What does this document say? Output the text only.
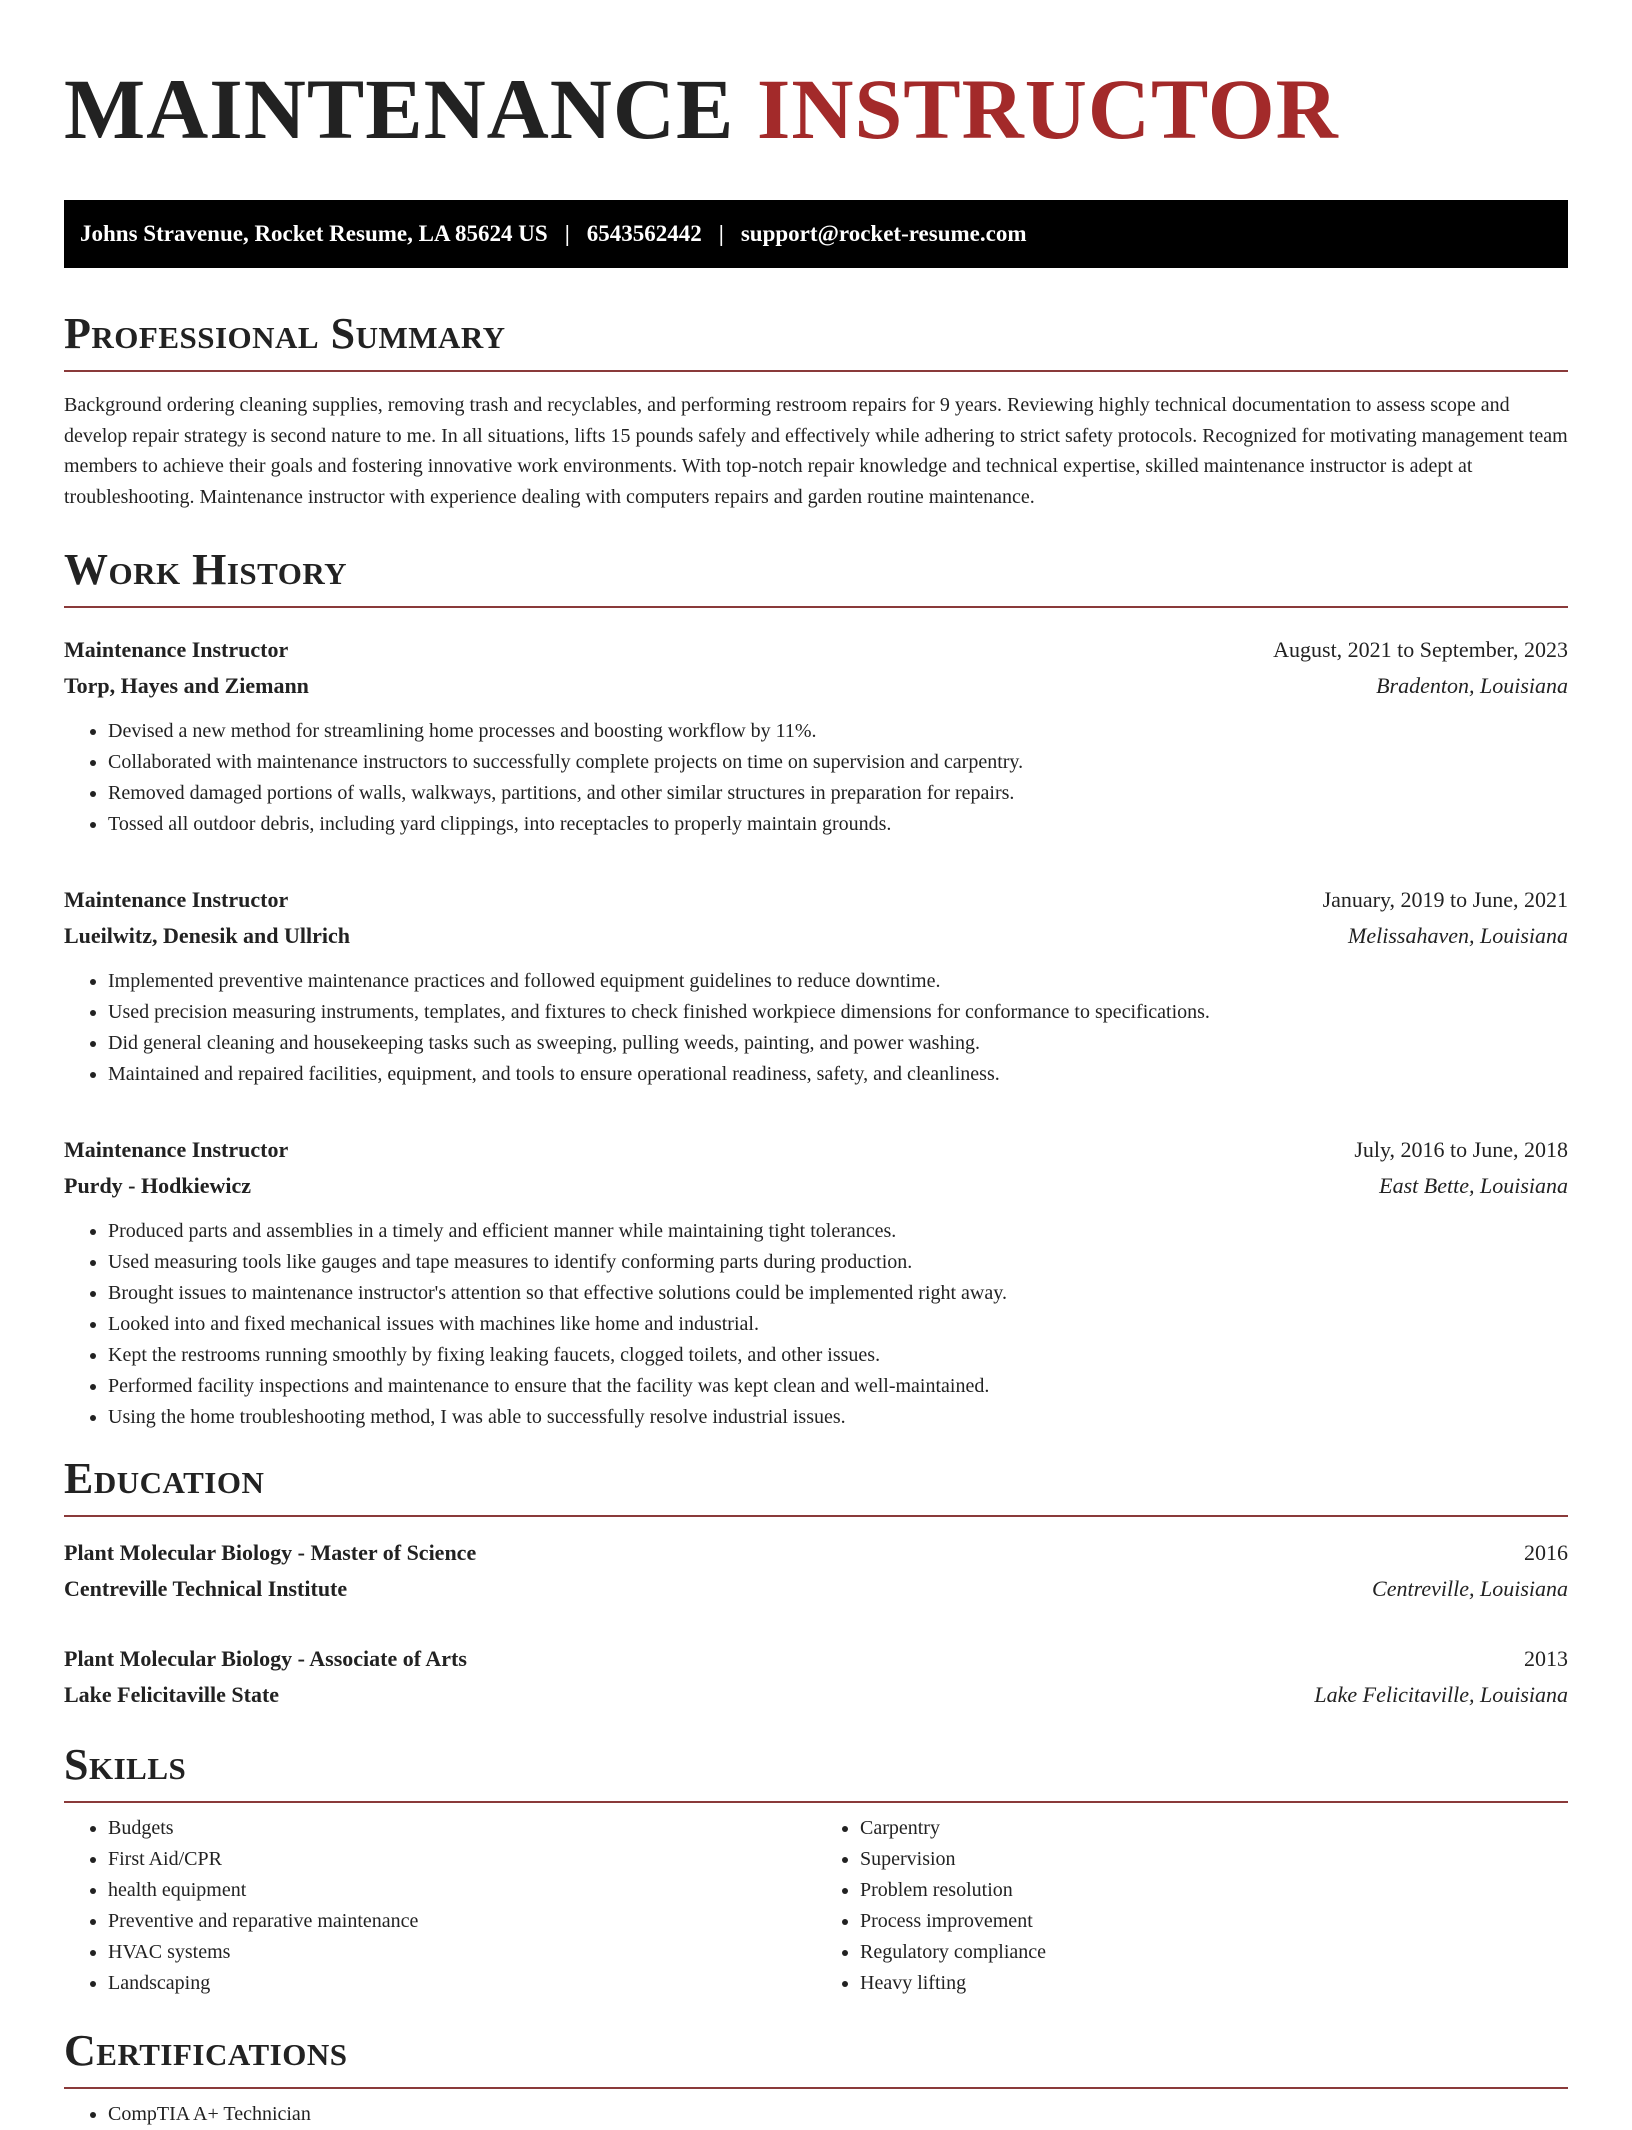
MAINTENANCE INSTRUCTOR
Johns Stravenue, Rocket Resume, LA 85624 US | 6543562442 | support@rocket-resume.com
Professional Summary

Background ordering cleaning supplies, removing trash and recyclables, and performing restroom repairs for 9 years. Reviewing highly technical documentation to assess scope and develop repair strategy is second nature to me. In all situations, lifts 15 pounds safely and effectively while adhering to strict safety protocols. Recognized for motivating management team members to achieve their goals and fostering innovative work environments. With top-notch repair knowledge and technical expertise, skilled maintenance instructor is adept at troubleshooting. Maintenance instructor with experience dealing with computers repairs and garden routine maintenance.

Work History
Maintenance Instructor	August, 2021 to September, 2023
Torp, Hayes and Ziemann	Bradenton, Louisiana
• Devised a new method for streamlining home processes and boosting workflow by 11%.
• Collaborated with maintenance instructors to successfully complete projects on time on supervision and carpentry.
• Removed damaged portions of walls, walkways, partitions, and other similar structures in preparation for repairs.
• Tossed all outdoor debris, including yard clippings, into receptacles to properly maintain grounds.
Maintenance Instructor	January, 2019 to June, 2021
Lueilwitz, Denesik and Ullrich	Melissahaven, Louisiana
• Implemented preventive maintenance practices and followed equipment guidelines to reduce downtime.
• Used precision measuring instruments, templates, and fixtures to check finished workpiece dimensions for conformance to specifications.
• Did general cleaning and housekeeping tasks such as sweeping, pulling weeds, painting, and power washing.
• Maintained and repaired facilities, equipment, and tools to ensure operational readiness, safety, and cleanliness.
Maintenance Instructor	July, 2016 to June, 2018
Purdy - Hodkiewicz	East Bette, Louisiana
• Produced parts and assemblies in a timely and efficient manner while maintaining tight tolerances.
• Used measuring tools like gauges and tape measures to identify conforming parts during production.
• Brought issues to maintenance instructor's attention so that effective solutions could be implemented right away.
• Looked into and fixed mechanical issues with machines like home and industrial.
• Kept the restrooms running smoothly by fixing leaking faucets, clogged toilets, and other issues.
• Performed facility inspections and maintenance to ensure that the facility was kept clean and well-maintained.
• Using the home troubleshooting method, I was able to successfully resolve industrial issues.
Education
Plant Molecular Biology - Master of Science	2016
Centreville Technical Institute	Centreville, Louisiana
Plant Molecular Biology - Associate of Arts	2013
Lake Felicitaville State	Lake Felicitaville, Louisiana
Skills
• Budgets
• First Aid/CPR
• health equipment
• Preventive and reparative maintenance
• HVAC systems
• Landscaping
• Carpentry
• Supervision
• Problem resolution
• Process improvement
• Regulatory compliance
• Heavy lifting
Certifications
• CompTIA A+ Technician
